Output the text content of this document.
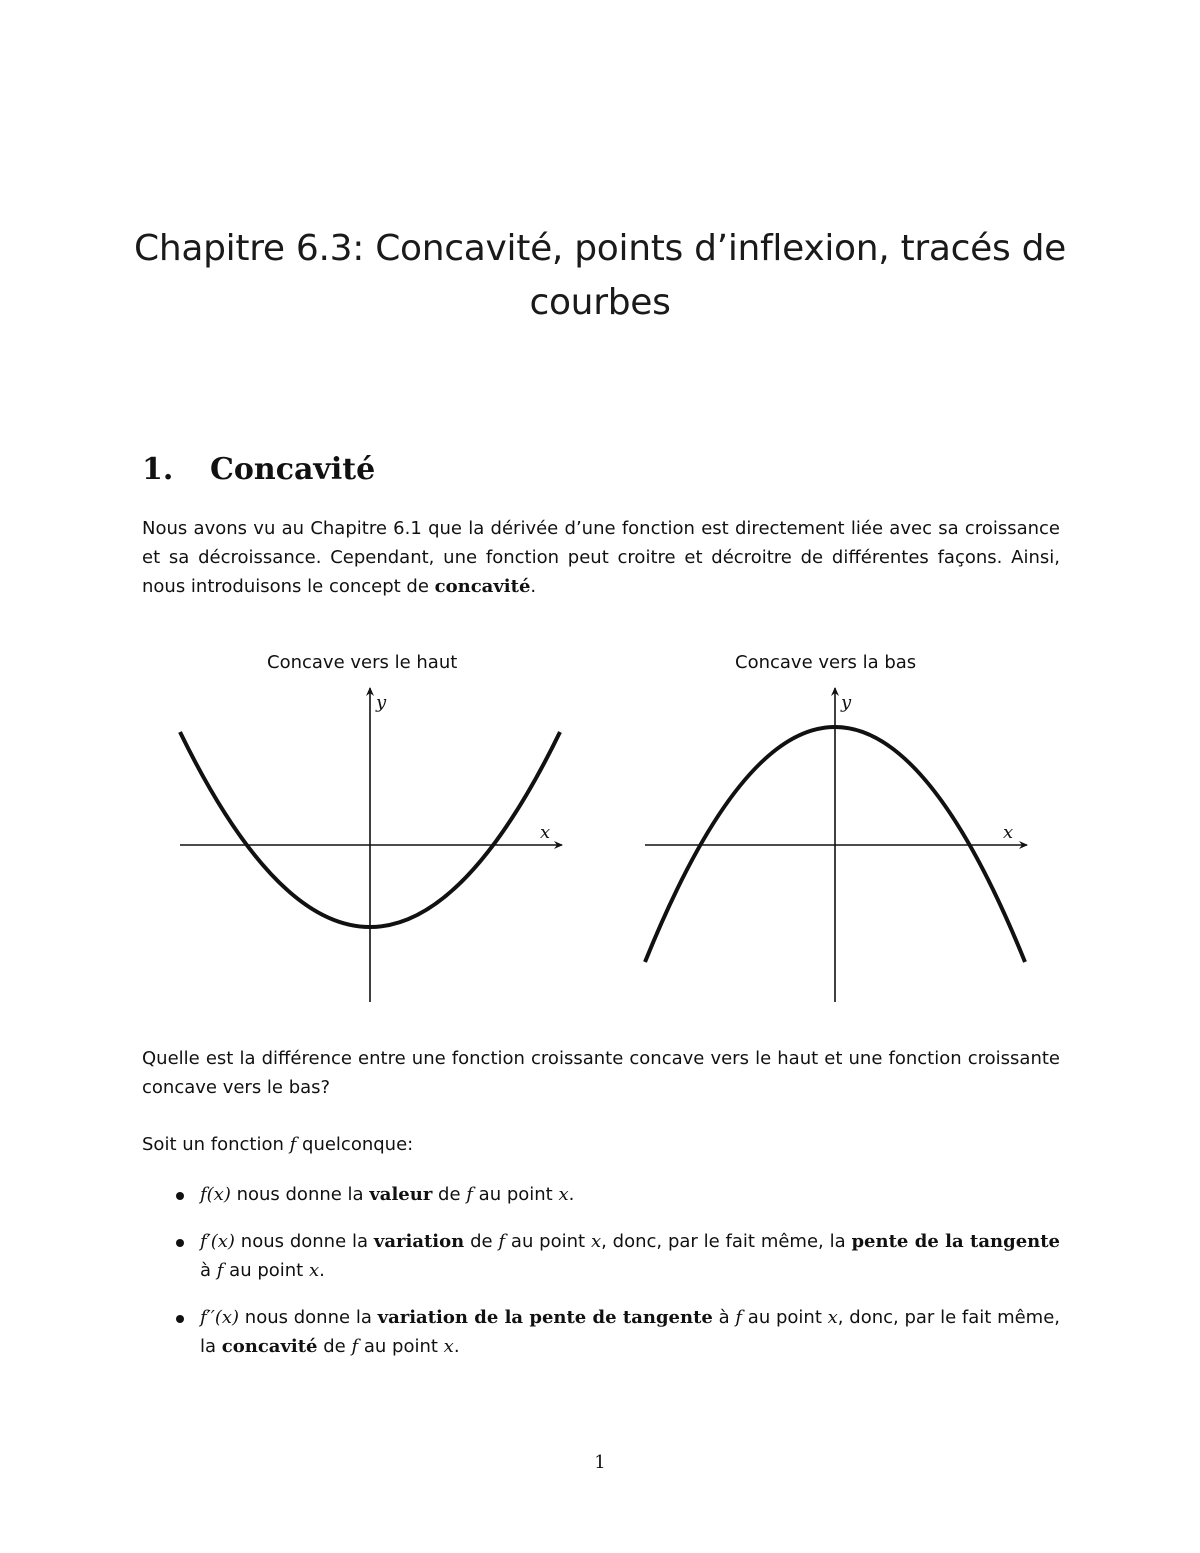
Chapitre 6.3: Concavité, points d’inflexion, tracés de
courbes
1. Concavité

Nous avons vu au Chapitre 6.1 que la dérivée d’une fonction est directement liée avec sa croissance et sa décroissance. Cependant, une fonction peut croitre et décroitre de différentes façons. Ainsi, nous introduisons le concept de concavité.

Concave vers le haut
y
x
Concave vers la bas
y
x

Quelle est la différence entre une fonction croissante concave vers le haut et une fonction croissante concave vers le bas?

Soit un fonction f quelconque:

f(x) nous donne la valeur de f au point x.
f′(x) nous donne la variation de f au point x, donc, par le fait même, la pente de la tangente à f au point x.
f′′(x) nous donne la variation de la pente de tangente à f au point x, donc, par le fait même, la concavité de f au point x.
1
